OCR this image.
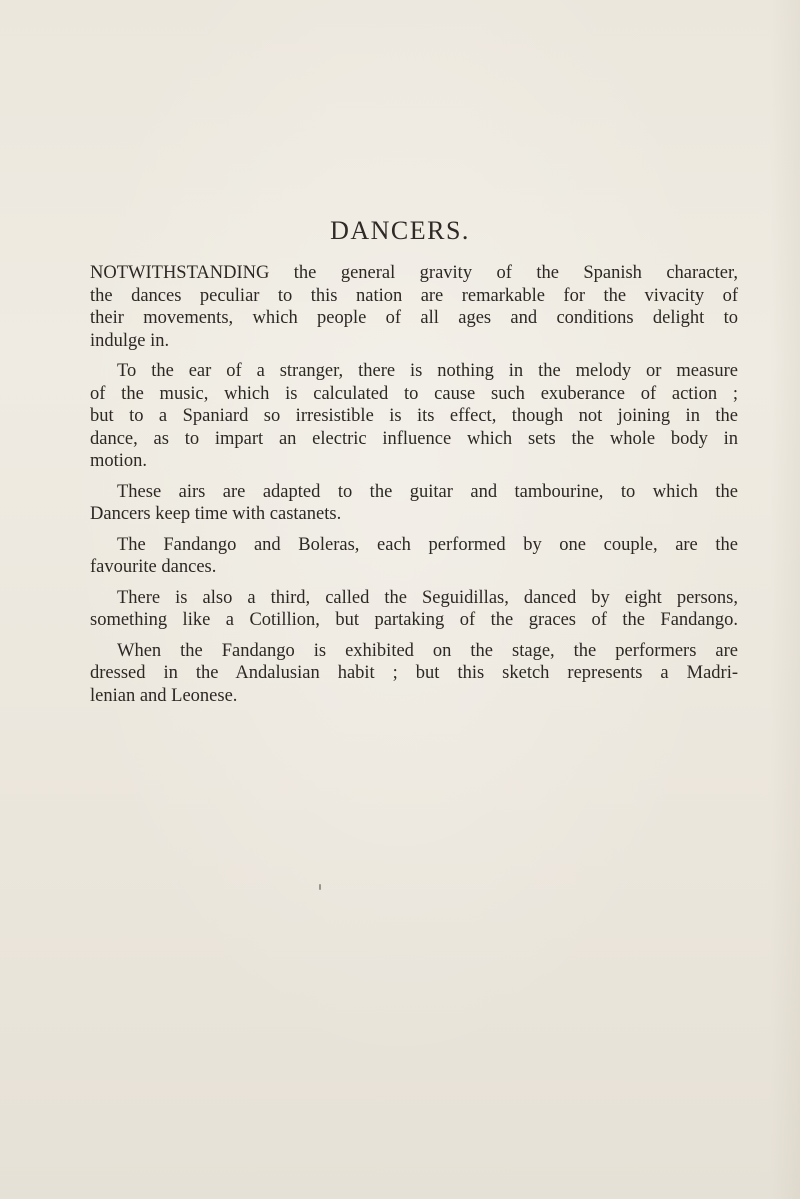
DANCERS.
NOTWITHSTANDING the general gravity of the Spanish character,
the dances peculiar to this nation are remarkable for the vivacity of
their movements, which people of all ages and conditions delight to
indulge in.
To the ear of a stranger, there is nothing in the melody or measure
of the music, which is calculated to cause such exuberance of action ;
but to a Spaniard so irresistible is its effect, though not joining in the
dance, as to impart an electric influence which sets the whole body in
motion.
These airs are adapted to the guitar and tambourine, to which the
Dancers keep time with castanets.
The Fandango and Boleras, each performed by one couple, are the
favourite dances.
There is also a third, called the Seguidillas, danced by eight persons,
something like a Cotillion, but partaking of the graces of the Fandango.
When the Fandango is exhibited on the stage, the performers are
dressed in the Andalusian habit ; but this sketch represents a Madri-
lenian and Leonese.
